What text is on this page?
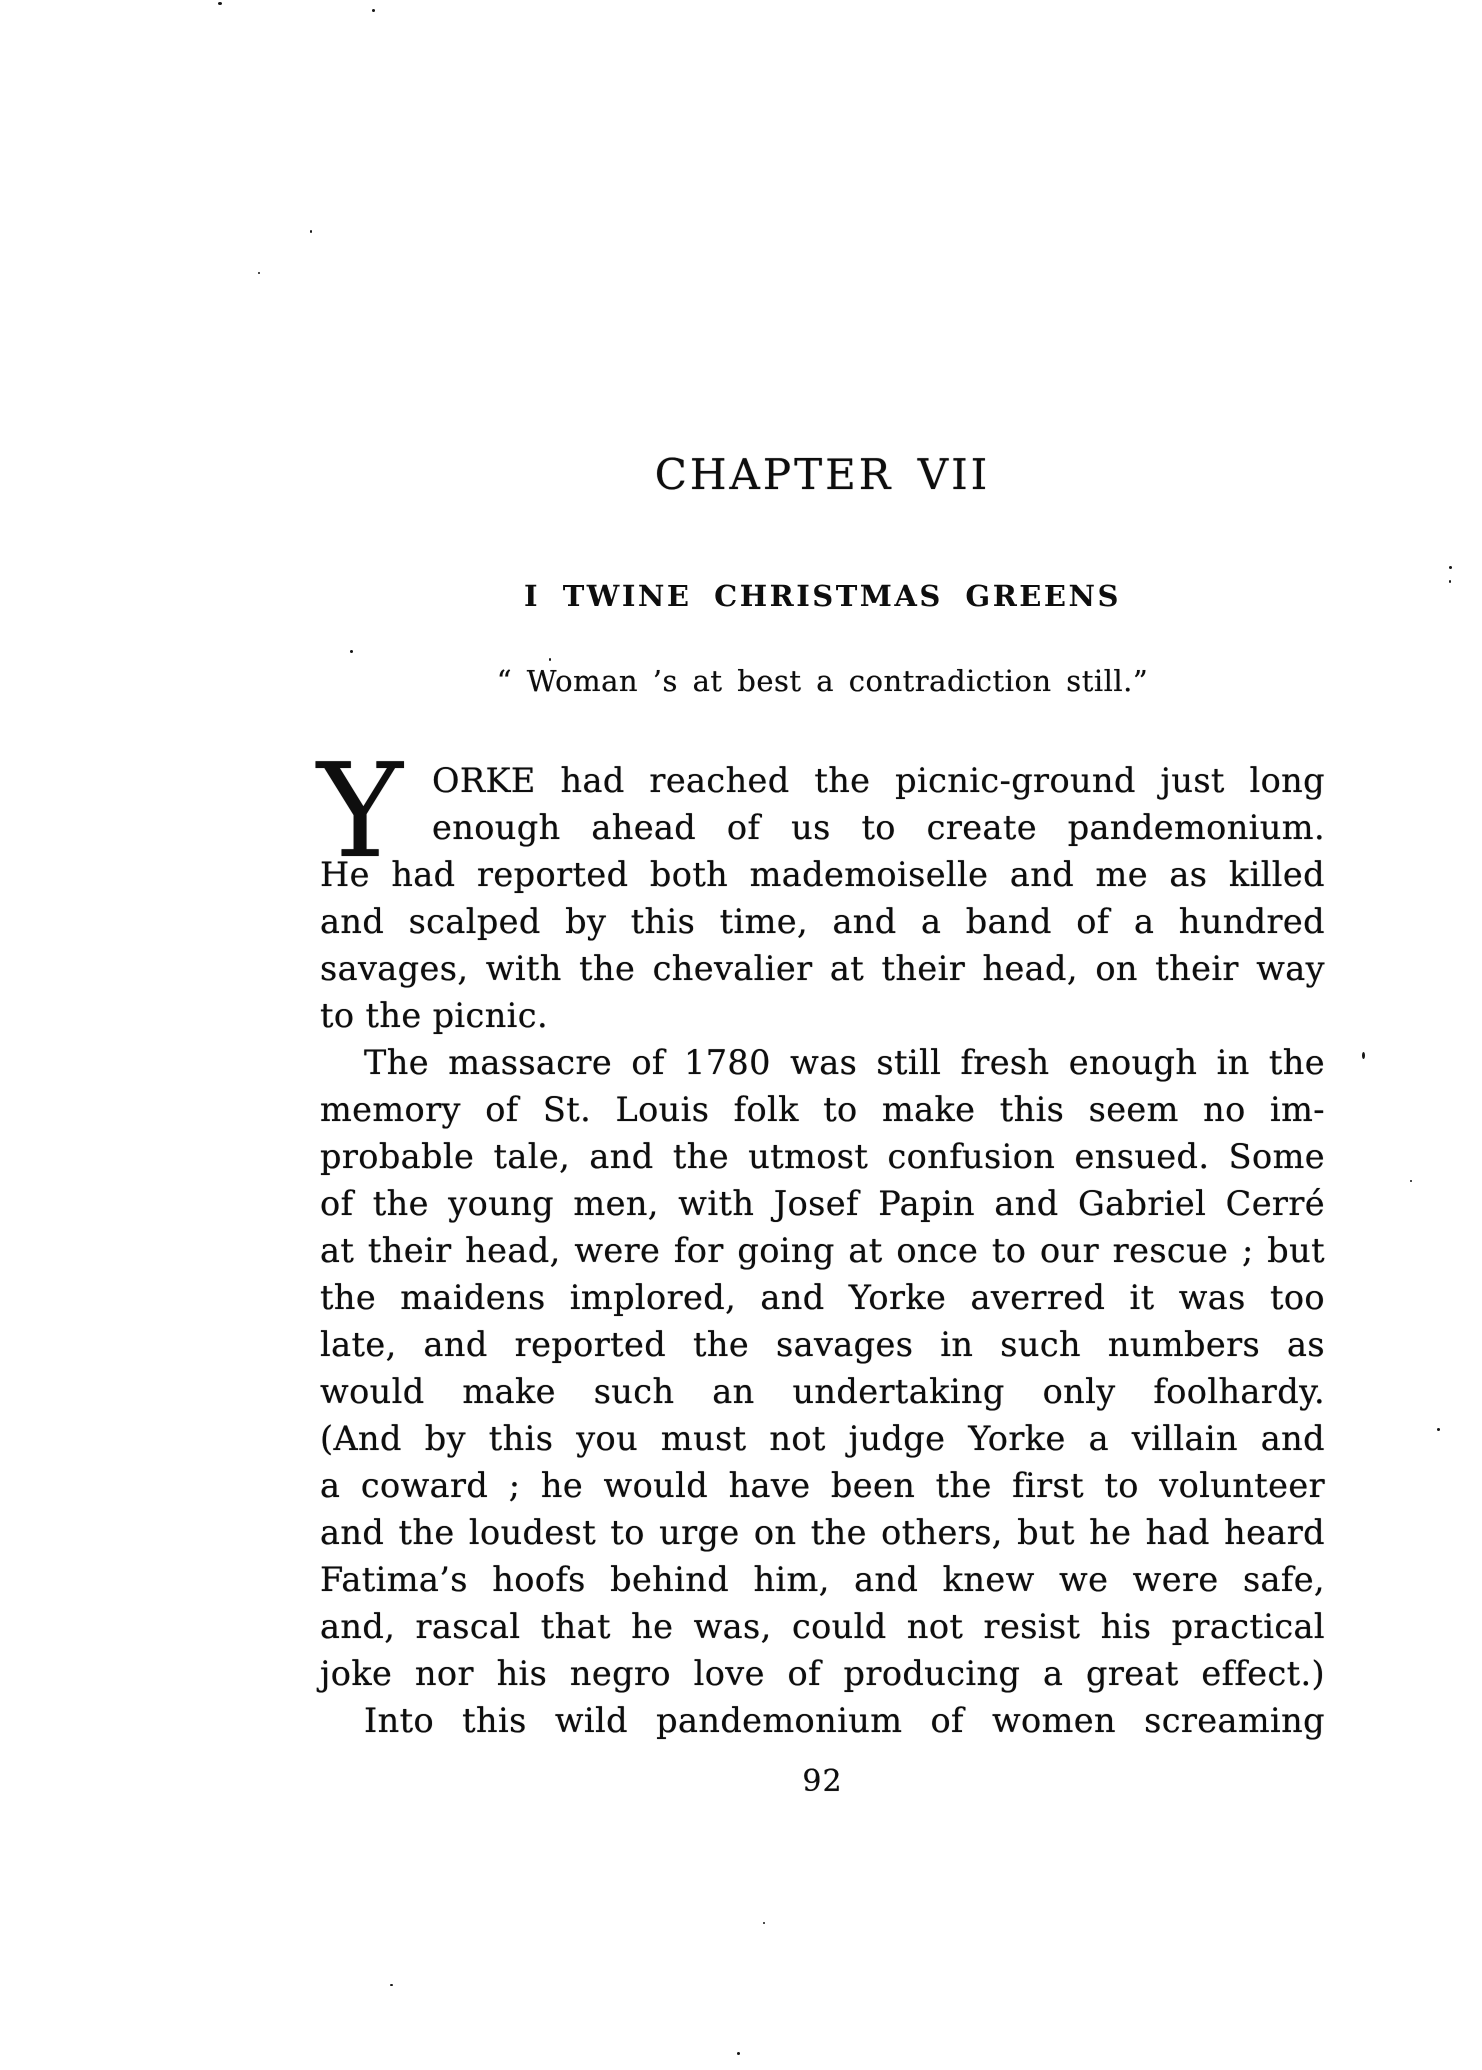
CHAPTER VII
I TWINE CHRISTMAS GREENS
“ Woman ’s at best a contradiction still.”
Y ORKE had reached the picnic-ground just long
enough ahead of us to create pandemonium.
He had reported both mademoiselle and me as killed
and scalped by this time, and a band of a hundred
savages, with the chevalier at their head, on their way
to the picnic.
The massacre of 1780 was still fresh enough in the
memory of St. Louis folk to make this seem no im-
probable tale, and the utmost confusion ensued. Some
of the young men, with Josef Papin and Gabriel Cerré
at their head, were for going at once to our rescue ; but
the maidens implored, and Yorke averred it was too
late, and reported the savages in such numbers as
would make such an undertaking only foolhardy.
(And by this you must not judge Yorke a villain and
a coward ; he would have been the first to volunteer
and the loudest to urge on the others, but he had heard
Fatima’s hoofs behind him, and knew we were safe,
and, rascal that he was, could not resist his practical
joke nor his negro love of producing a great effect.)
Into this wild pandemonium of women screaming
92
